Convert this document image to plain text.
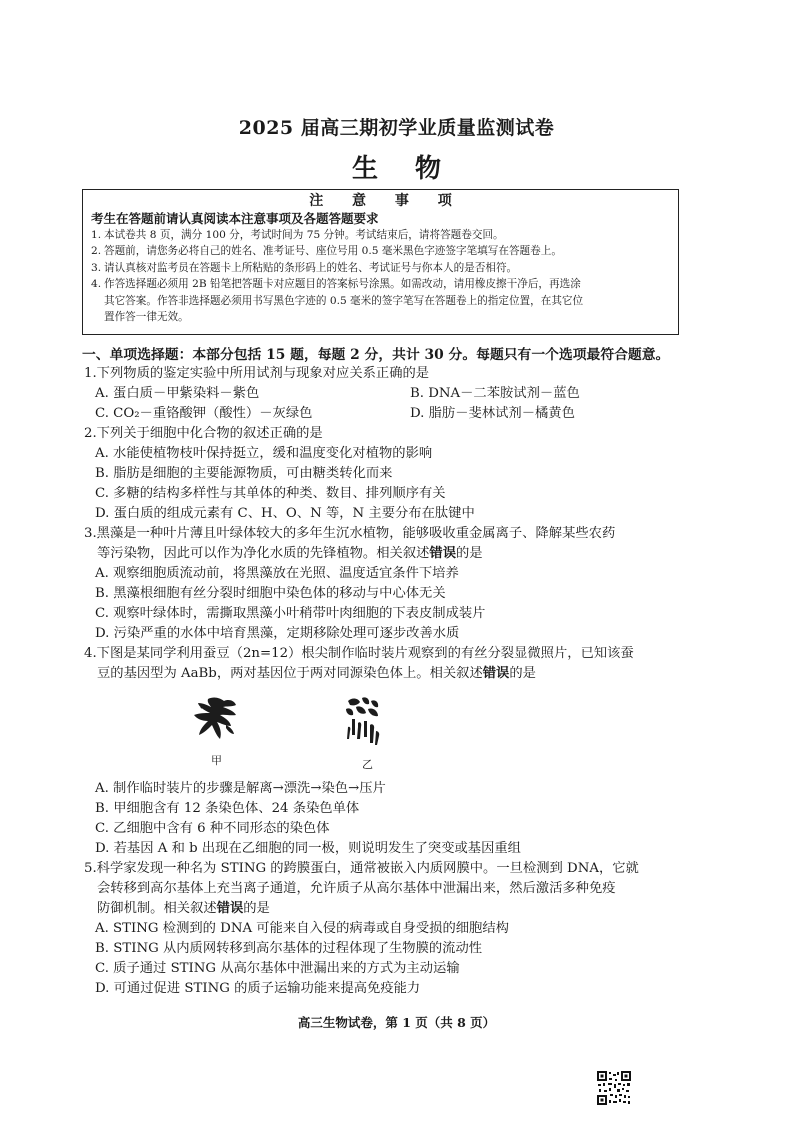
2025 届高三期初学业质量监测试卷
生 物
注 意 事 项
考生在答题前请认真阅读本注意事项及各题答题要求
1. 本试卷共 8 页，满分 100 分，考试时间为 75 分钟。考试结束后，请将答题卷交回。
2. 答题前，请您务必将自己的姓名、准考证号、座位号用 0.5 毫米黑色字迹签字笔填写在答题卷上。
3. 请认真核对监考员在答题卡上所粘贴的条形码上的姓名、考试证号与你本人的是否相符。
4. 作答选择题必须用 2B 铅笔把答题卡对应题目的答案标号涂黑。如需改动，请用橡皮擦干净后，再选涂
其它答案。作答非选择题必须用书写黑色字迹的 0.5 毫米的签字笔写在答题卷上的指定位置，在其它位
置作答一律无效。
一、单项选择题：本部分包括 15 题，每题 2 分，共计 30 分。每题只有一个选项最符合题意。
1.下列物质的鉴定实验中所用试剂与现象对应关系正确的是
A. 蛋白质－甲紫染料－紫色	B. DNA－二苯胺试剂－蓝色
C. CO₂－重铬酸钾（酸性）－灰绿色	D. 脂肪－斐林试剂－橘黄色
2.下列关于细胞中化合物的叙述正确的是
A. 水能使植物枝叶保持挺立，缓和温度变化对植物的影响
B. 脂肪是细胞的主要能源物质，可由糖类转化而来
C. 多糖的结构多样性与其单体的种类、数目、排列顺序有关
D. 蛋白质的组成元素有 C、H、O、N 等，N 主要分布在肽键中
3.黑藻是一种叶片薄且叶绿体较大的多年生沉水植物，能够吸收重金属离子、降解某些农药
等污染物，因此可以作为净化水质的先锋植物。相关叙述错误的是
A. 观察细胞质流动前，将黑藻放在光照、温度适宜条件下培养
B. 黑藻根细胞有丝分裂时细胞中染色体的移动与中心体无关
C. 观察叶绿体时，需撕取黑藻小叶稍带叶肉细胞的下表皮制成装片
D. 污染严重的水体中培育黑藻，定期移除处理可逐步改善水质
4.下图是某同学利用蚕豆（2n=12）根尖制作临时装片观察到的有丝分裂显微照片，已知该蚕
豆的基因型为 AaBb，两对基因位于两对同源染色体上。相关叙述错误的是
甲	乙
A. 制作临时装片的步骤是解离→漂洗→染色→压片
B. 甲细胞含有 12 条染色体、24 条染色单体
C. 乙细胞中含有 6 种不同形态的染色体
D. 若基因 A 和 b 出现在乙细胞的同一极，则说明发生了突变或基因重组
5.科学家发现一种名为 STING 的跨膜蛋白，通常被嵌入内质网膜中。一旦检测到 DNA，它就
会转移到高尔基体上充当离子通道，允许质子从高尔基体中泄漏出来，然后激活多种免疫
防御机制。相关叙述错误的是
A. STING 检测到的 DNA 可能来自入侵的病毒或自身受损的细胞结构
B. STING 从内质网转移到高尔基体的过程体现了生物膜的流动性
C. 质子通过 STING 从高尔基体中泄漏出来的方式为主动运输
D. 可通过促进 STING 的质子运输功能来提高免疫能力
高三生物试卷，第 1 页（共 8 页）
